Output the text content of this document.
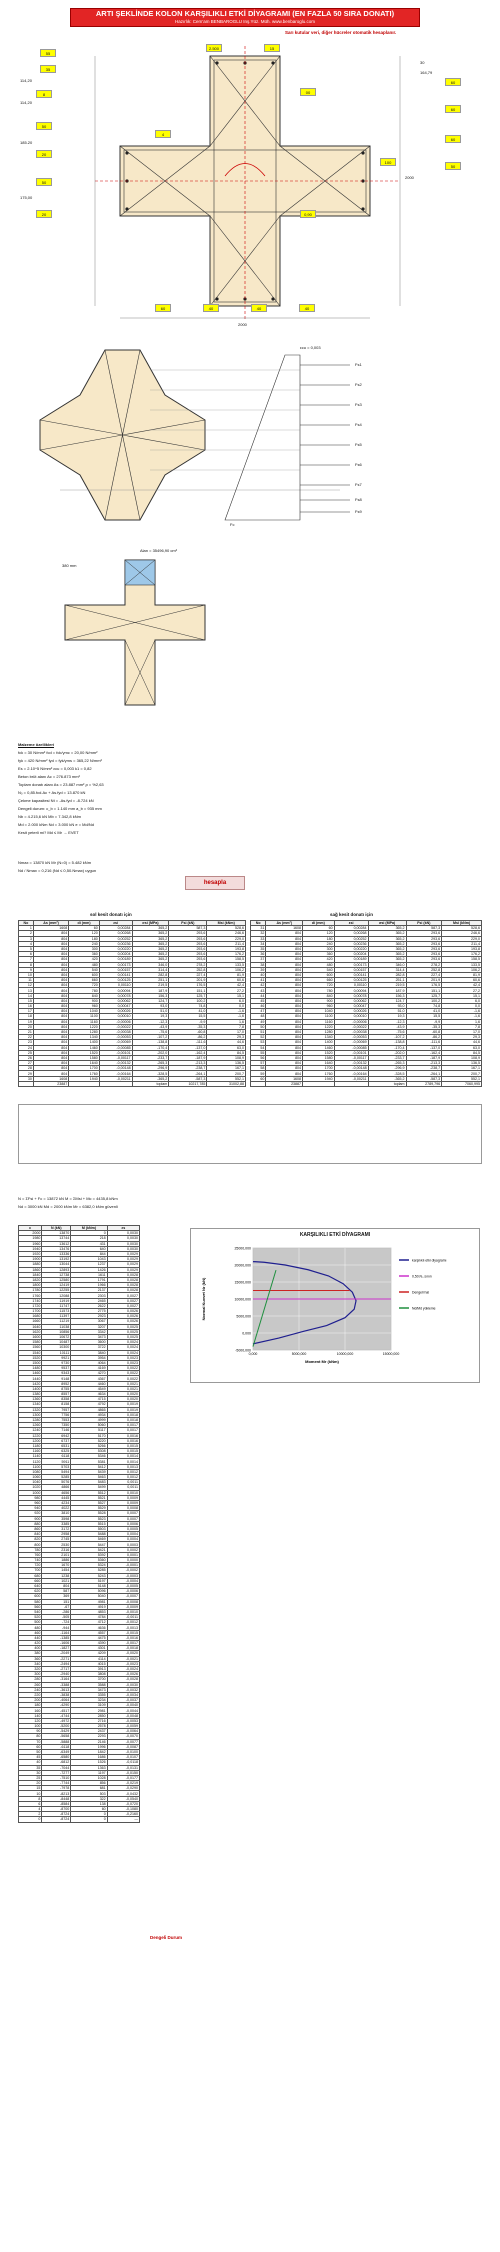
ARTI ŞEKLİNDE KOLON KARŞILIKLI ETKİ DİYAGRAMI (EN FAZLA 50 SIRA DONATI)
Hazırlık: Cem’am BENBAROGLU Inş.Yüz. Müh. www.benbaroglu.com
Sarı kutular veri, diğer hücreler otomatik hesaplanır.
55
35
8
50
20
50
20
2.500	15
00
100
60
60
60
50
4
0,90
60	40	40	40
114,20
114,20
185.20
175,00
30
164,79
2000
2000
εcu = 0,003
Fs1
Fs2
Fs3
Fs4
Fs5
Fs6
Fs7
Fs8
Fs9
Fc
Alan = 35496,90 cm²
380 mm
Malzeme özellikleri
fck = 30 N/mm² fcd = fck/γmc = 20,00 N/mm²
fyk = 420 N/mm² fyd = fyk/γms = 365,22 N/mm²
Es = 2.10^5 N/mm² εcu = 0,003 k1 = 0,82
Beton brüt alanı Ac = 276.873 mm²
Toplam donatı alanı As = 23.887 mm² ρ = %2,63
N₀ = 0,85.fcd.Ac + As.fyd = 13.870 kN
Çekme kapasitesi Nt = -As.fyd = -8.724 kN
Dengeli durum: c_b = 1.140 mm a_b = 935 mm
Nb = 4.215,6 kN Mb = 7.342,8 kNm
Md = 2.000 kNm Nd = 3.000 kN e = Md/Nd
Kesit yeterli mi? Md ≤ Mr → EVET
Nmax = 13870 kN Mr (N=0) = 5.482 kNm
Nd / Nmax = 0,216 (Nd ≤ 0,50.Nmax) uygun
hesapla
sol kesit donatı için	sağ kesit donatı için
No	As (mm²)	di (mm)	εsi	σsi (MPa)	Fsi (kN)	Msi (kNm)
1	1608	60	0,00284	365,2	587,3	528,6
2	804	120	0,00268	365,2	293,6	246,6
3	804	180	0,00252	365,2	293,6	229,0
4	804	240	0,00236	365,2	293,6	211,4
5	804	300	0,00220	365,2	293,6	193,8
6	804	360	0,00204	365,2	293,6	176,2
7	804	420	0,00189	365,2	293,6	158,5
8	804	480	0,00173	346,0	278,2	133,5
9	804	540	0,00157	314,4	252,8	106,2
10	804	600	0,00141	282,8	227,4	81,9
11	804	660	0,00125	251,1	201,9	60,6
12	804	720	0,00110	219,5	176,5	42,4
13	804	780	0,00094	187,9	151,1	27,2
14	804	840	0,00078	156,3	125,7	15,1
15	804	900	0,00062	124,7	100,2	6,0
16	804	960	0,00047	93,0	74,8	0,0
17	804	1040	0,00026	51,0	41,0	-1,6
18	804	1100	0,00010	19,3	15,5	-1,6
19	804	1160	-0,00006	-12,3	-9,9	1,6
20	804	1220	-0,00022	-43,9	-35,3	7,8
21	804	1280	-0,00038	-75,6	-60,8	17,0
22	804	1340	-0,00053	-107,2	-86,2	29,3
23	804	1400	-0,00069	-138,8	-111,6	44,6
24	804	1460	-0,00085	-170,4	-137,0	63,0
25	804	1520	-0,00101	-202,0	-162,4	84,5
26	804	1580	-0,00117	-233,7	-187,9	108,9
27	804	1640	-0,00132	-265,3	-213,3	136,5
28	804	1700	-0,00148	-296,9	-238,7	167,1
29	804	1760	-0,00164	-328,5	-264,1	200,7
30	1608	1940	-0,00211	-365,2	-587,3	552,1
	23887			toplam	10217,785	31002,88
No	As (mm²)	di (mm)	εsi	σsi (MPa)	Fsi (kN)	Msi (kNm)
31	1608	60	0,00284	365,2	587,3	528,6
32	804	120	0,00268	365,2	293,6	246,6
33	804	180	0,00252	365,2	293,6	229,0
34	804	240	0,00236	365,2	293,6	211,4
35	804	300	0,00220	365,2	293,6	193,8
36	804	360	0,00204	365,2	293,6	176,2
37	804	420	0,00189	365,2	293,6	158,5
38	804	480	0,00173	346,0	278,2	133,5
39	804	540	0,00157	314,4	252,8	106,2
40	804	600	0,00141	282,8	227,4	81,9
41	804	660	0,00125	251,1	201,9	60,6
42	804	720	0,00110	219,5	176,5	42,4
43	804	780	0,00094	187,9	151,1	27,2
44	804	840	0,00078	156,3	125,7	15,1
45	804	900	0,00062	124,7	100,2	6,0
46	804	960	0,00047	93,0	74,8	0,0
47	804	1040	0,00026	51,0	41,0	-1,6
48	804	1100	0,00010	19,3	15,5	-1,6
49	804	1160	-0,00006	-12,3	-9,9	1,6
50	804	1220	-0,00022	-43,9	-35,3	7,8
51	804	1280	-0,00038	-75,6	-60,8	17,0
52	804	1340	-0,00053	-107,2	-86,2	29,3
53	804	1400	-0,00069	-138,8	-111,6	44,6
54	804	1460	-0,00085	-170,4	-137,0	63,0
55	804	1520	-0,00101	-202,0	-162,4	84,5
56	804	1580	-0,00117	-233,7	-187,9	108,9
57	804	1640	-0,00132	-265,3	-213,3	136,5
58	804	1700	-0,00148	-296,9	-238,7	167,1
59	804	1760	-0,00164	-328,5	-264,1	200,7
60	1608	1940	-0,00211	-365,2	-587,3	552,1
	23887			toplam	2789,796	7060,995
N = ΣFsi + Fc = 13872 kN M = ΣMsi + Mc = 4435,8 kNm
Nd = 3000 kN Md = 2000 kNm Mr = 6382,0 kNm güvenli
c	N (kN)	M (kNm)	εs
2000	13870	0	0,0030
1980	13744	218	0,0030
1960	13612	431	0,0030
1940	13476	640	0,0030
1920	13336	844	0,0029
1900	13192	1043	0,0029
1880	13044	1237	0,0029
1860	12893	1426	0,0029
1840	12738	1611	0,0028
1820	12580	1791	0,0028
1800	12419	1966	0,0028
1780	12255	2137	0,0028
1760	12088	2303	0,0027
1740	11919	2465	0,0027
1720	11747	2622	0,0027
1700	11573	2775	0,0026
1680	11397	2923	0,0026
1660	11219	3067	0,0026
1640	11038	3207	0,0025
1620	10856	3342	0,0025
1600	10672	3473	0,0025
1580	10487	3600	0,0024
1560	10300	3722	0,0024
1540	10111	3840	0,0024
1520	9921	3954	0,0023
1500	9730	4064	0,0023
1480	9537	4169	0,0022
1460	9343	4270	0,0022
1440	9148	4367	0,0022
1420	8952	4460	0,0021
1400	8755	4549	0,0021
1380	8557	4634	0,0020
1360	8358	4715	0,0020
1340	8158	4792	0,0019
1320	7957	4865	0,0019
1300	7756	4934	0,0018
1280	7553	4999	0,0018
1260	7350	5060	0,0017
1240	7146	5117	0,0017
1220	6942	5170	0,0016
1200	6737	5220	0,0016
1180	6531	5266	0,0015
1160	6325	5308	0,0015
1140	6118	5346	0,0014
1120	5911	5381	0,0014
1100	5703	5412	0,0013
1080	5494	5439	0,0012
1060	5285	5463	0,0012
1040	5076	5483	0,0011
1020	4866	5499	0,0011
1000	4656	5512	0,0010
980	4445	5521	0,0009
960	4234	5527	0,0009
940	4022	5529	0,0008
920	3810	5528	0,0007
900	3598	5523	0,0007
880	3385	5515	0,0006
860	3172	5503	0,0005
840	2958	5488	0,0004
820	2745	5469	0,0004
800	2530	5447	0,0003
780	2316	5421	0,0002
760	2101	5392	0,0001
740	1886	5360	0,0000
720	1670	5324	-0,0001
700	1454	5285	-0,0002
680	1238	5243	-0,0003
660	1021	5197	-0,0004
640	804	5148	-0,0005
620	587	5096	-0,0006
600	369	5040	-0,0007
580	151	4981	-0,0008
560	-67	4919	-0,0009
540	-286	4853	-0,0010
520	-505	4784	-0,0011
500	-724	4712	-0,0012
480	-944	4636	-0,0013
460	-1164	4557	-0,0015
440	-1385	4475	-0,0016
420	-1606	4390	-0,0017
400	-1827	4301	-0,0018
380	-2049	4209	-0,0020
360	-2271	4114	-0,0021
340	-2494	4015	-0,0023
320	-2717	3913	-0,0024
300	-2940	3808	-0,0026
280	-3164	3700	-0,0028
260	-3388	3588	-0,0030
240	-3613	3473	-0,0032
220	-3838	3355	-0,0034
200	-4064	3234	-0,0037
180	-4290	3109	-0,0040
160	-4517	2981	-0,0044
140	-4744	2850	-0,0048
120	-4972	2716	-0,0053
100	-5200	2578	-0,0059
90	-5429	2437	-0,0064
80	-5658	2293	-0,0070
70	-5888	2146	-0,0077
60	-6118	1996	-0,0087
50	-6349	1842	-0,0100
45	-6580	1686	-0,0107
40	-6812	1526	-0,0118
35	-7044	1363	-0,0131
30	-7277	1197	-0,0150
25	-7510	1028	-0,0177
20	-7744	856	-0,0219
15	-7978	681	-0,0290
10	-8213	503	-0,0432
8	-8448	322	-0,0540
6	-8584	138	-0,0720
4	-8700	60	-0,1080
2	-8724	0	-0,2160
0	-8724	0	—
Dengeli Durum
KARŞILIKLI ETKİ DİYAGRAMI
25000,000
20000,000
15000,000
10000,000
5000,000
0,000
-5000,000
0,000	5000,000	10000,000	15000,000
Moment Mr (kNm)
Normal Kuvvet Nr (kN)
karşılıklı etki diyagramı
0,50.N₀ sınırı
Dengeli hal
Nd/Md yükleme
